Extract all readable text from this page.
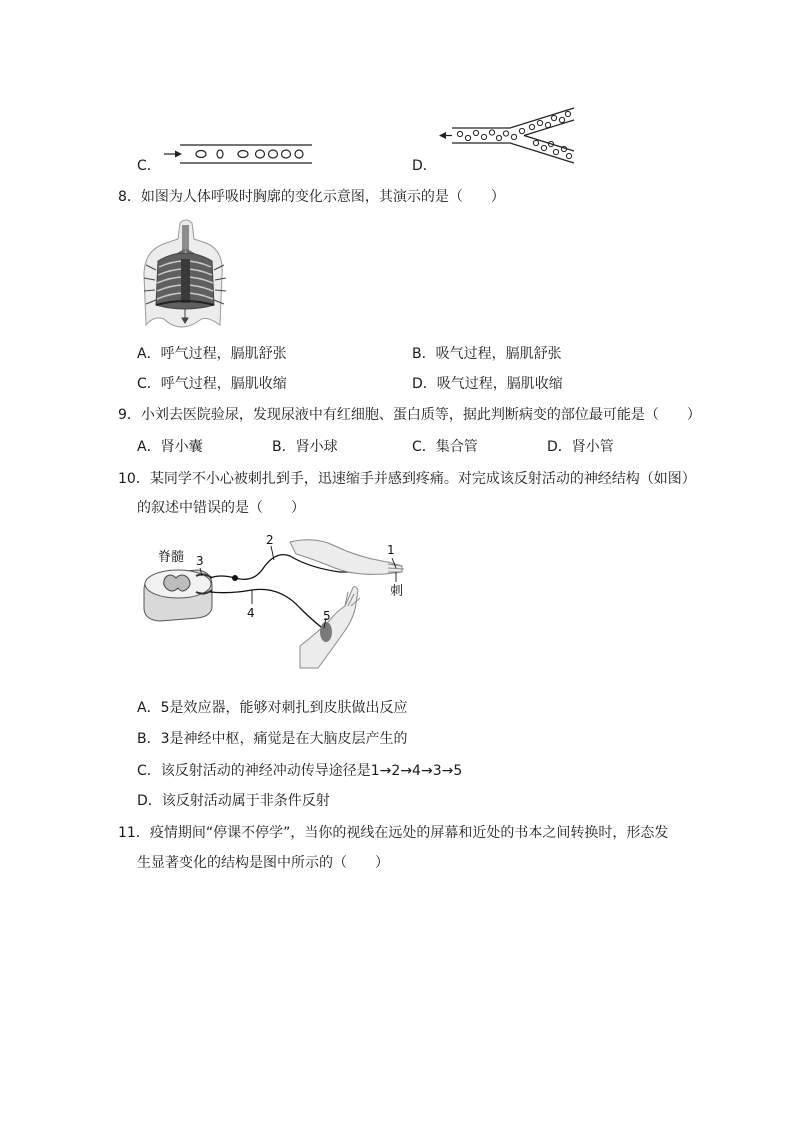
C．	D．
8．如图为人体呼吸时胸廓的变化示意图，其演示的是（　　）
A．呼气过程，膈肌舒张	B．吸气过程，膈肌舒张
C．呼气过程，膈肌收缩	D．吸气过程，膈肌收缩
9．小刘去医院验尿，发现尿液中有红细胞、蛋白质等，据此判断病变的部位最可能是（　　）
A．肾小囊	B．肾小球	C．集合管	D．肾小管
10．某同学不小心被刺扎到手，迅速缩手并感到疼痛。对完成该反射活动的神经结构（如图）
的叙述中错误的是（　　）
脊髓 3
2
1
刺
4	5
A．5是效应器，能够对刺扎到皮肤做出反应
B．3是神经中枢，痛觉是在大脑皮层产生的
C．该反射活动的神经冲动传导途径是1→2→4→3→5
D．该反射活动属于非条件反射
11．疫情期间“停课不停学”，当你的视线在远处的屏幕和近处的书本之间转换时，形态发
生显著变化的结构是图中所示的（　　）
